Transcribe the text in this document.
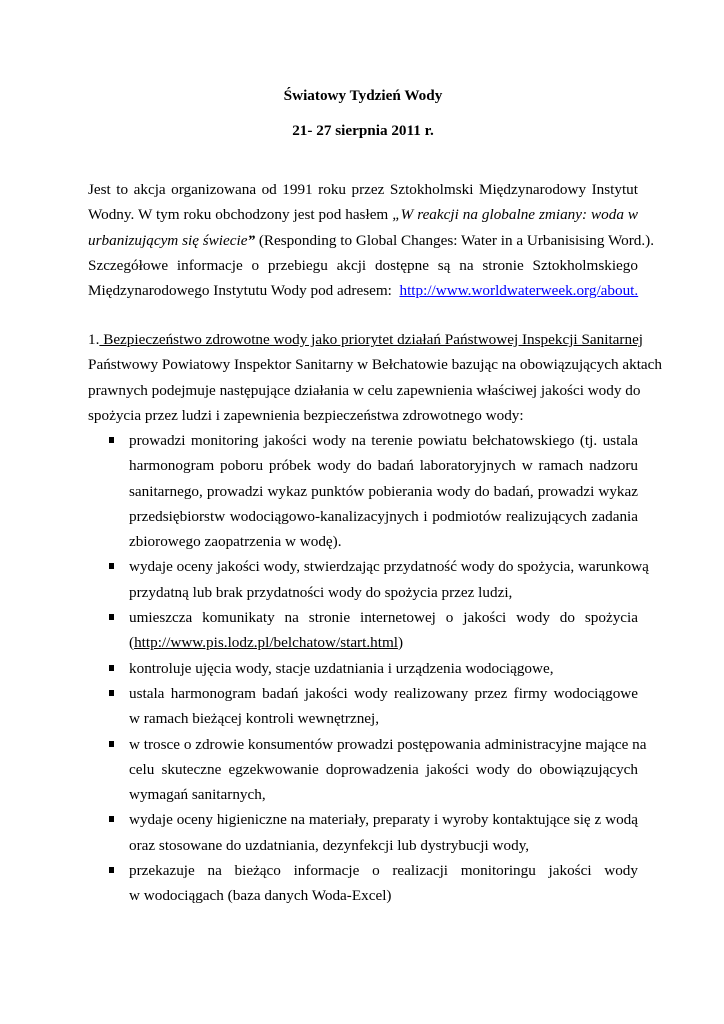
Światowy Tydzień Wody
21- 27 sierpnia 2011 r.
Jest to akcja organizowana od 1991 roku przez Sztokholmski Międzynarodowy Instytut
Wodny. W tym roku obchodzony jest pod hasłem „W reakcji na globalne zmiany: woda w
urbanizującym się świecie” (Responding to Global Changes: Water in a Urbanisising Word.).
Szczegółowe informacje o przebiegu akcji dostępne są na stronie Sztokholmskiego
Międzynarodowego Instytutu Wody pod adresem:  http://www.worldwaterweek.org/about.
1. Bezpieczeństwo zdrowotne wody jako priorytet działań Państwowej Inspekcji Sanitarnej
Państwowy Powiatowy Inspektor Sanitarny w Bełchatowie bazując na obowiązujących aktach
prawnych podejmuje następujące działania w celu zapewnienia właściwej jakości wody do
spożycia przez ludzi i zapewnienia bezpieczeństwa zdrowotnego wody:
prowadzi monitoring jakości wody na terenie powiatu bełchatowskiego (tj. ustala
harmonogram poboru próbek wody do badań laboratoryjnych w ramach nadzoru
sanitarnego, prowadzi wykaz punktów pobierania wody do badań, prowadzi wykaz
przedsiębiorstw wodociągowo-kanalizacyjnych i podmiotów realizujących zadania
zbiorowego zaopatrzenia w wodę).
wydaje oceny jakości wody, stwierdzając przydatność wody do spożycia, warunkową
przydatną lub brak przydatności wody do spożycia przez ludzi,
umieszcza komunikaty na stronie internetowej o jakości wody do spożycia
(http://www.pis.lodz.pl/belchatow/start.html)
kontroluje ujęcia wody, stacje uzdatniania i urządzenia wodociągowe,
ustala harmonogram badań jakości wody realizowany przez firmy wodociągowe
w ramach bieżącej kontroli wewnętrznej,
w trosce o zdrowie konsumentów prowadzi postępowania administracyjne mające na
celu skuteczne egzekwowanie doprowadzenia jakości wody do obowiązujących
wymagań sanitarnych,
wydaje oceny higieniczne na materiały, preparaty i wyroby kontaktujące się z wodą
oraz stosowane do uzdatniania, dezynfekcji lub dystrybucji wody,
przekazuje na bieżąco informacje o realizacji monitoringu jakości wody
w wodociągach (baza danych Woda-Excel)
